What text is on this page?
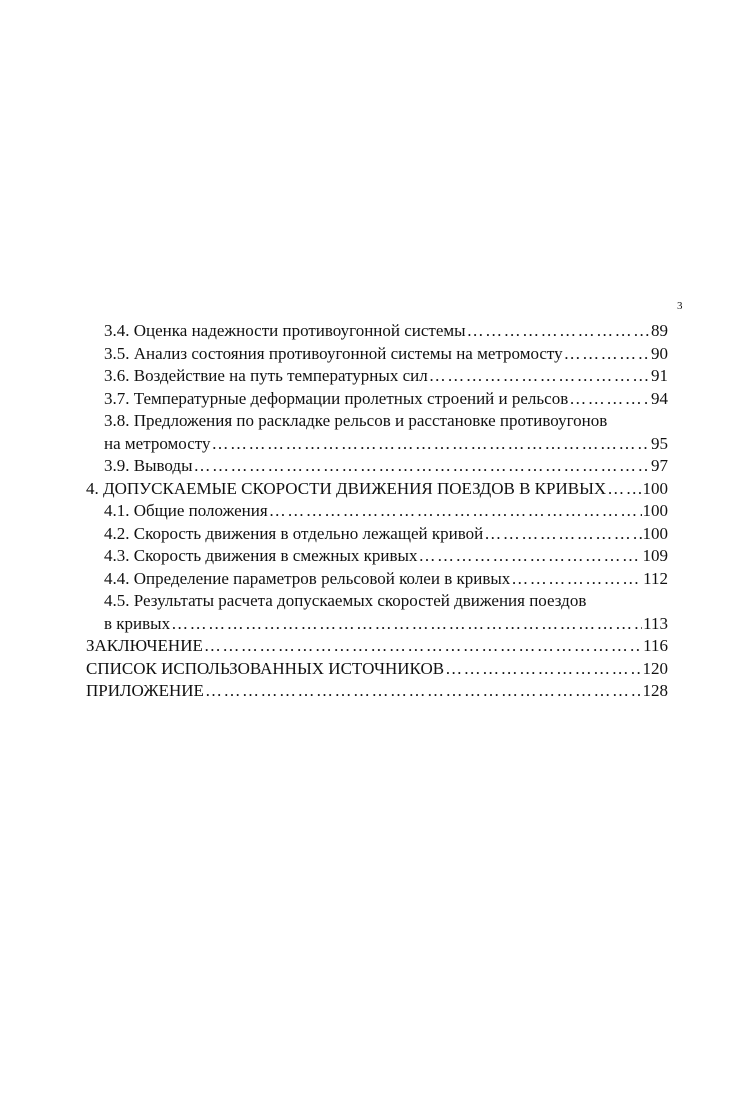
3
3.4. Оценка надежности противоугонной системы ……………………………………………………………………………………………………………………………………………………………………	89
3.5. Анализ состояния противоугонной системы на метромосту ……………………………………………………………………………………………………………………………………………………………………	90
3.6. Воздействие на путь температурных сил ……………………………………………………………………………………………………………………………………………………………………	91
3.7. Температурные деформации пролетных строений и рельсов ……………………………………………………………………………………………………………………………………………………………………	94
3.8. Предложения по раскладке рельсов и расстановке противоугонов
на метромосту ……………………………………………………………………………………………………………………………………………………………………	95
3.9. Выводы ……………………………………………………………………………………………………………………………………………………………………	97
4. ДОПУСКАЕМЫЕ СКОРОСТИ ДВИЖЕНИЯ ПОЕЗДОВ В КРИВЫХ …………………………………………………………………………………………………………………………………………………………………… 100
4.1. Общие положения ……………………………………………………………………………………………………………………………………………………………………	100
4.2. Скорость движения в отдельно лежащей кривой ……………………………………………………………………………………………………………………………………………………………………	100
4.3. Скорость движения в смежных кривых ……………………………………………………………………………………………………………………………………………………………………	109
4.4. Определение параметров рельсовой колеи в кривых ……………………………………………………………………………………………………………………………………………………………………	112
4.5. Результаты расчета допускаемых скоростей движения поездов
в кривых ……………………………………………………………………………………………………………………………………………………………………	113
ЗАКЛЮЧЕНИЕ ……………………………………………………………………………………………………………………………………………………………………	116
СПИСОК ИСПОЛЬЗОВАННЫХ ИСТОЧНИКОВ ……………………………………………………………………………………………………………………………………………………………………	120
ПРИЛОЖЕНИЕ ……………………………………………………………………………………………………………………………………………………………………	128
